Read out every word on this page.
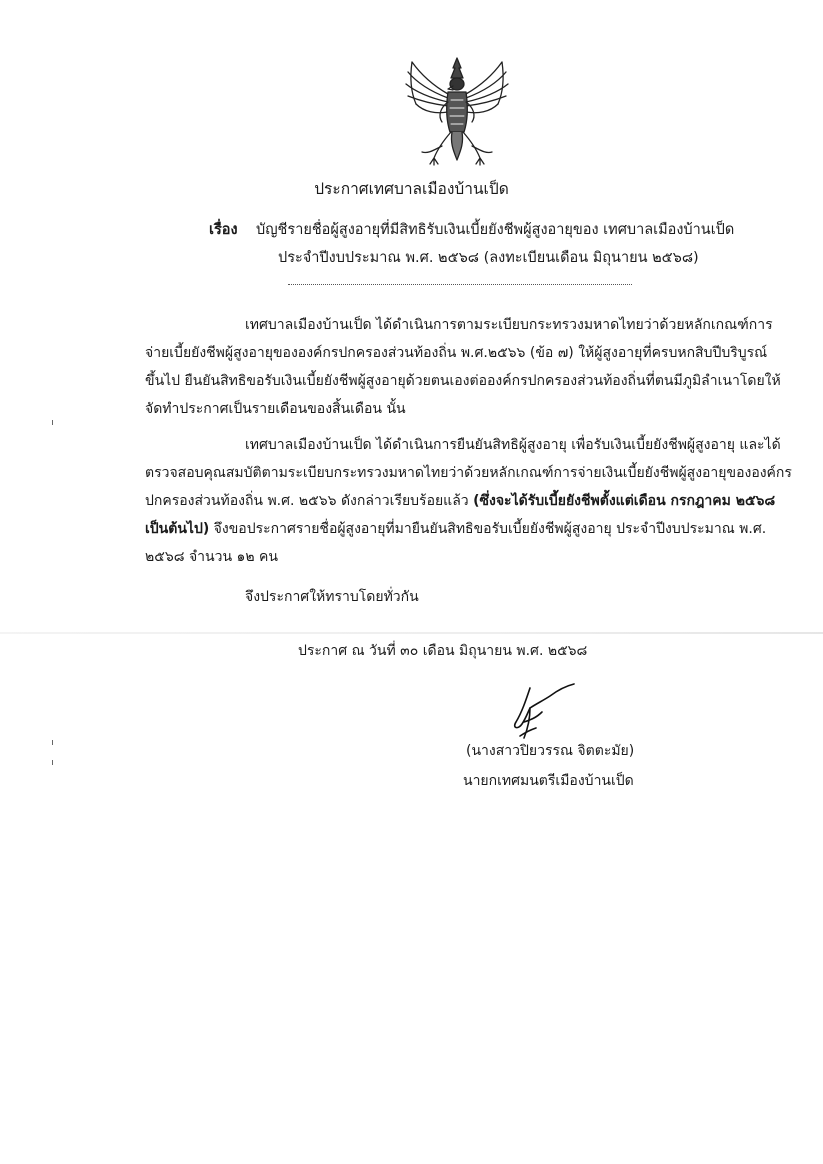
ประกาศเทศบาลเมืองบ้านเป็ด
เรื่อง บัญชีรายชื่อผู้สูงอายุที่มีสิทธิรับเงินเบี้ยยังชีพผู้สูงอายุของ เทศบาลเมืองบ้านเป็ด
ประจำปีงบประมาณ พ.ศ. ๒๕๖๘ (ลงทะเบียนเดือน มิถุนายน ๒๕๖๘)
เทศบาลเมืองบ้านเป็ด ได้ดำเนินการตามระเบียบกระทรวงมหาดไทยว่าด้วยหลักเกณฑ์การ
จ่ายเบี้ยยังชีพผู้สูงอายุขององค์กรปกครองส่วนท้องถิ่น พ.ศ.๒๕๖๖ (ข้อ ๗) ให้ผู้สูงอายุที่ครบหกสิบปีบริบูรณ์
ขึ้นไป ยืนยันสิทธิขอรับเงินเบี้ยยังชีพผู้สูงอายุด้วยตนเองต่อองค์กรปกครองส่วนท้องถิ่นที่ตนมีภูมิลำเนาโดยให้
จัดทำประกาศเป็นรายเดือนของสิ้นเดือน นั้น
เทศบาลเมืองบ้านเป็ด ได้ดำเนินการยืนยันสิทธิผู้สูงอายุ เพื่อรับเงินเบี้ยยังชีพผู้สูงอายุ และได้
ตรวจสอบคุณสมบัติตามระเบียบกระทรวงมหาดไทยว่าด้วยหลักเกณฑ์การจ่ายเงินเบี้ยยังชีพผู้สูงอายุขององค์กร
ปกครองส่วนท้องถิ่น พ.ศ. ๒๕๖๖ ดังกล่าวเรียบร้อยแล้ว (ซึ่งจะได้รับเบี้ยยังชีพตั้งแต่เดือน กรกฎาคม ๒๕๖๘
เป็นต้นไป) จึงขอประกาศรายชื่อผู้สูงอายุที่มายืนยันสิทธิขอรับเบี้ยยังชีพผู้สูงอายุ ประจำปีงบประมาณ พ.ศ.
๒๕๖๘ จำนวน ๑๒ คน
จึงประกาศให้ทราบโดยทั่วกัน
ประกาศ ณ วันที่ ๓๐ เดือน มิถุนายน พ.ศ. ๒๕๖๘
(นางสาวปิยวรรณ จิตตะมัย)
นายกเทศมนตรีเมืองบ้านเป็ด
